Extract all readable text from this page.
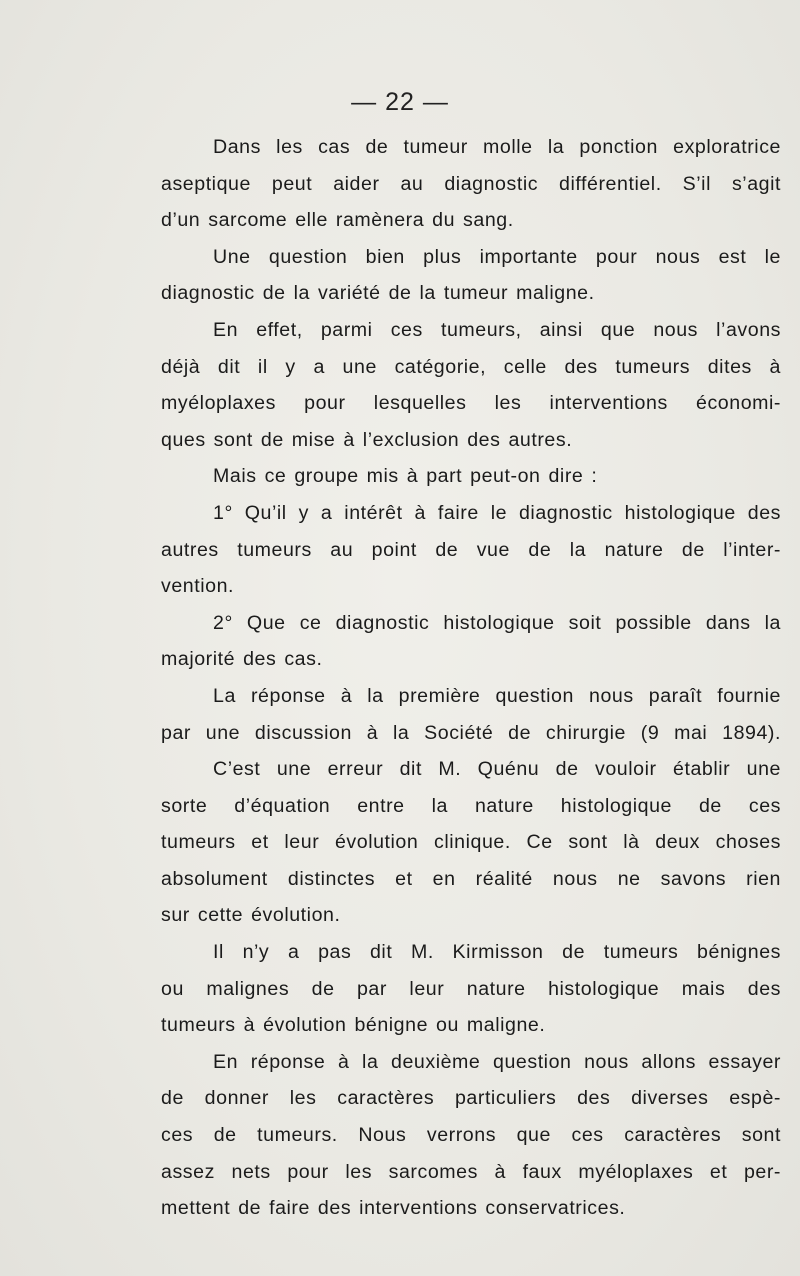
— 22 —
Dans les cas de tumeur molle la ponction exploratrice
aseptique peut aider au diagnostic différentiel. S’il s’agit
d’un sarcome elle ramènera du sang.
Une question bien plus importante pour nous est le
diagnostic de la variété de la tumeur maligne.
En effet, parmi ces tumeurs, ainsi que nous l’avons
déjà dit il y a une catégorie, celle des tumeurs dites à
myéloplaxes pour lesquelles les interventions économi-
ques sont de mise à l’exclusion des autres.
Mais ce groupe mis à part peut-on dire :
1° Qu’il y a intérêt à faire le diagnostic histologique des
autres tumeurs au point de vue de la nature de l’inter-
vention.
2° Que ce diagnostic histologique soit possible dans la
majorité des cas.
La réponse à la première question nous paraît fournie
par une discussion à la Société de chirurgie (9 mai 1894).
C’est une erreur dit M. Quénu de vouloir établir une
sorte d’équation entre la nature histologique de ces
tumeurs et leur évolution clinique. Ce sont là deux choses
absolument distinctes et en réalité nous ne savons rien
sur cette évolution.
Il n’y a pas dit M. Kirmisson de tumeurs bénignes
ou malignes de par leur nature histologique mais des
tumeurs à évolution bénigne ou maligne.
En réponse à la deuxième question nous allons essayer
de donner les caractères particuliers des diverses espè-
ces de tumeurs. Nous verrons que ces caractères sont
assez nets pour les sarcomes à faux myéloplaxes et per-
mettent de faire des interventions conservatrices.
